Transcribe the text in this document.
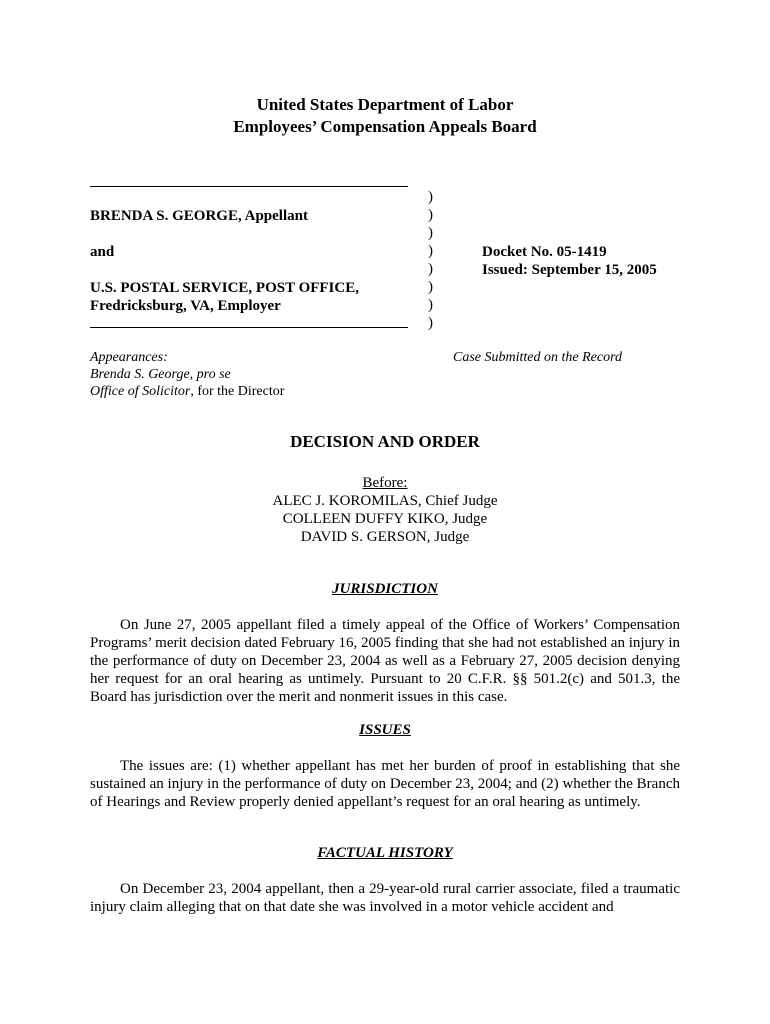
United States Department of Labor
Employees’ Compensation Appeals Board
)
)
)
)
)
)
)
)
BRENDA S. GEORGE, Appellant
and
U.S. POSTAL SERVICE, POST OFFICE,
Fredricksburg, VA, Employer
Docket No. 05-1419
Issued: September 15, 2005
Appearances:
Brenda S. George, pro se
Office of Solicitor, for the Director
Case Submitted on the Record
DECISION AND ORDER
Before:
ALEC J. KOROMILAS, Chief Judge
COLLEEN DUFFY KIKO, Judge
DAVID S. GERSON, Judge
JURISDICTION
On June 27, 2005 appellant filed a timely appeal of the Office of Workers’ Compensation Programs’ merit decision dated February 16, 2005 finding that she had not established an injury in the performance of duty on December 23, 2004 as well as a February 27, 2005 decision denying her request for an oral hearing as untimely. Pursuant to 20 C.F.R. §§ 501.2(c) and 501.3, the Board has jurisdiction over the merit and nonmerit issues in this case.
ISSUES
The issues are: (1) whether appellant has met her burden of proof in establishing that she sustained an injury in the performance of duty on December 23, 2004; and (2) whether the Branch of Hearings and Review properly denied appellant’s request for an oral hearing as untimely.
FACTUAL HISTORY
On December 23, 2004 appellant, then a 29-year-old rural carrier associate, filed a traumatic injury claim alleging that on that date she was involved in a motor vehicle accident and
